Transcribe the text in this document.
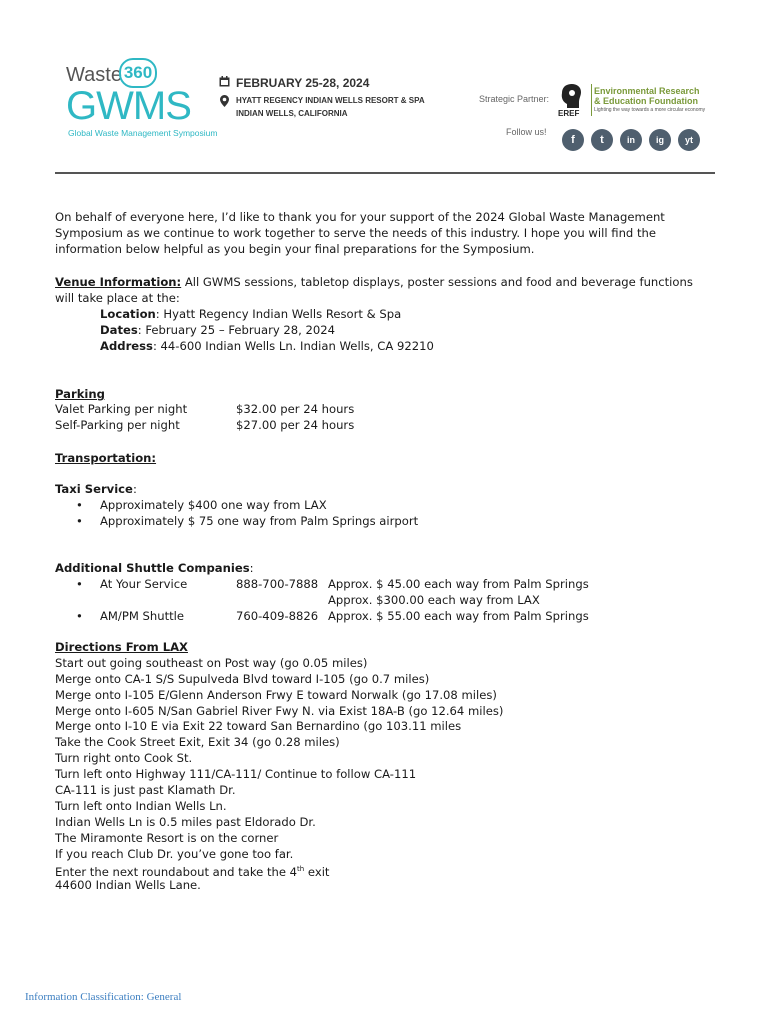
Waste 360
GWMS
Global Waste Management Symposium
FEBRUARY 25-28, 2024
HYATT REGENCY INDIAN WELLS RESORT & SPA
INDIAN WELLS, CALIFORNIA
Strategic Partner:
EREF
Environmental Research
& Education Foundation
Lighting the way towards a more circular economy
Follow us!
f	t	in	ig	yt
On behalf of everyone here, I’d like to thank you for your support of the 2024 Global Waste Management
Symposium as we continue to work together to serve the needs of this industry. I hope you will find the
information below helpful as you begin your final preparations for the Symposium.
Venue Information: All GWMS sessions, tabletop displays, poster sessions and food and beverage functions
will take place at the:
Location: Hyatt Regency Indian Wells Resort & Spa
Dates: February 25 – February 28, 2024
Address: 44-600 Indian Wells Ln. Indian Wells, CA 92210
Parking
Valet Parking per night	$32.00 per 24 hours
Self-Parking per night	$27.00 per 24 hours
Transportation:
Taxi Service:
• Approximately $400 one way from LAX
• Approximately $ 75 one way from Palm Springs airport
Additional Shuttle Companies:
• At Your Service	888-700-7888 Approx. $ 45.00 each way from Palm Springs
Approx. $300.00 each way from LAX
• AM/PM Shuttle	760-409-8826 Approx. $ 55.00 each way from Palm Springs
Directions From LAX
Start out going southeast on Post way (go 0.05 miles)
Merge onto CA-1 S/S Supulveda Blvd toward I-105 (go 0.7 miles)
Merge onto I-105 E/Glenn Anderson Frwy E toward Norwalk (go 17.08 miles)
Merge onto I-605 N/San Gabriel River Fwy N. via Exist 18A-B (go 12.64 miles)
Merge onto I-10 E via Exit 22 toward San Bernardino (go 103.11 miles
Take the Cook Street Exit, Exit 34 (go 0.28 miles)
Turn right onto Cook St.
Turn left onto Highway 111/CA-111/ Continue to follow CA-111
CA-111 is just past Klamath Dr.
Turn left onto Indian Wells Ln.
Indian Wells Ln is 0.5 miles past Eldorado Dr.
The Miramonte Resort is on the corner
If you reach Club Dr. you’ve gone too far.
Enter the next roundabout and take the 4th exit
44600 Indian Wells Lane.
Information Classification: General
